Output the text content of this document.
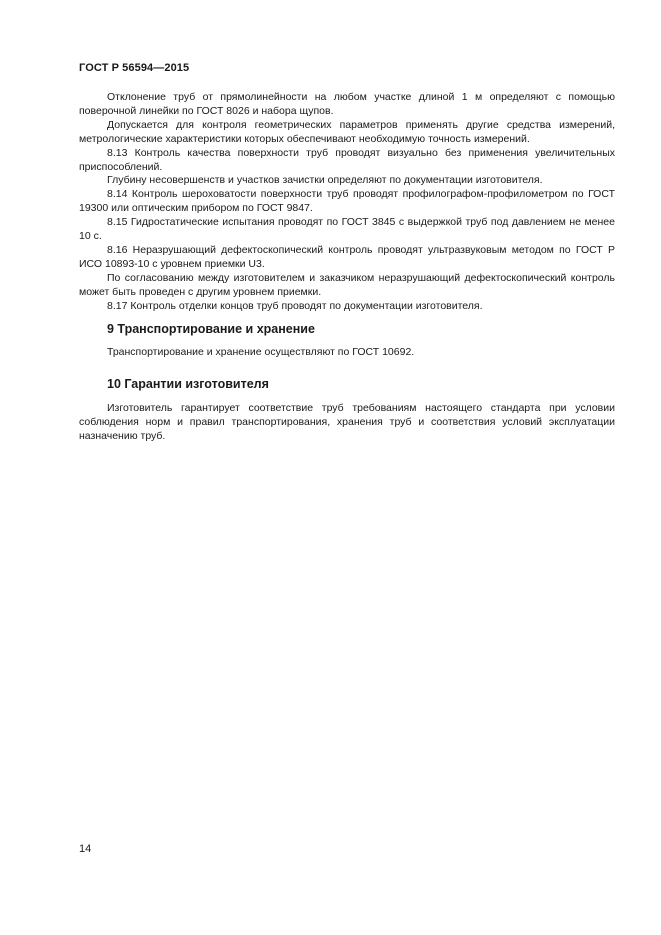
ГОСТ Р 56594—2015

Отклонение труб от прямолинейности на любом участке длиной 1 м определяют с помощью поверочной линейки по ГОСТ 8026 и набора щупов.

Допускается для контроля геометрических параметров применять другие средства измерений, метрологические характеристики которых обеспечивают необходимую точность измерений.

8.13 Контроль качества поверхности труб проводят визуально без применения увеличительных приспособлений.

Глубину несовершенств и участков зачистки определяют по документации изготовителя.

8.14 Контроль шероховатости поверхности труб проводят профилографом-профилометром по ГОСТ 19300 или оптическим прибором по ГОСТ 9847.

8.15 Гидростатические испытания проводят по ГОСТ 3845 с выдержкой труб под давлением не менее 10 с.

8.16 Неразрушающий дефектоскопический контроль проводят ультразвуковым методом по ГОСТ Р ИСО 10893-10 с уровнем приемки U3.

По согласованию между изготовителем и заказчиком неразрушающий дефектоскопический контроль может быть проведен с другим уровнем приемки.

8.17 Контроль отделки концов труб проводят по документации изготовителя.

9 Транспортирование и хранение

Транспортирование и хранение осуществляют по ГОСТ 10692.

10 Гарантии изготовителя

Изготовитель гарантирует соответствие труб требованиям настоящего стандарта при условии соблюдения норм и правил транспортирования, хранения труб и соответствия условий эксплуатации назначению труб.

14
